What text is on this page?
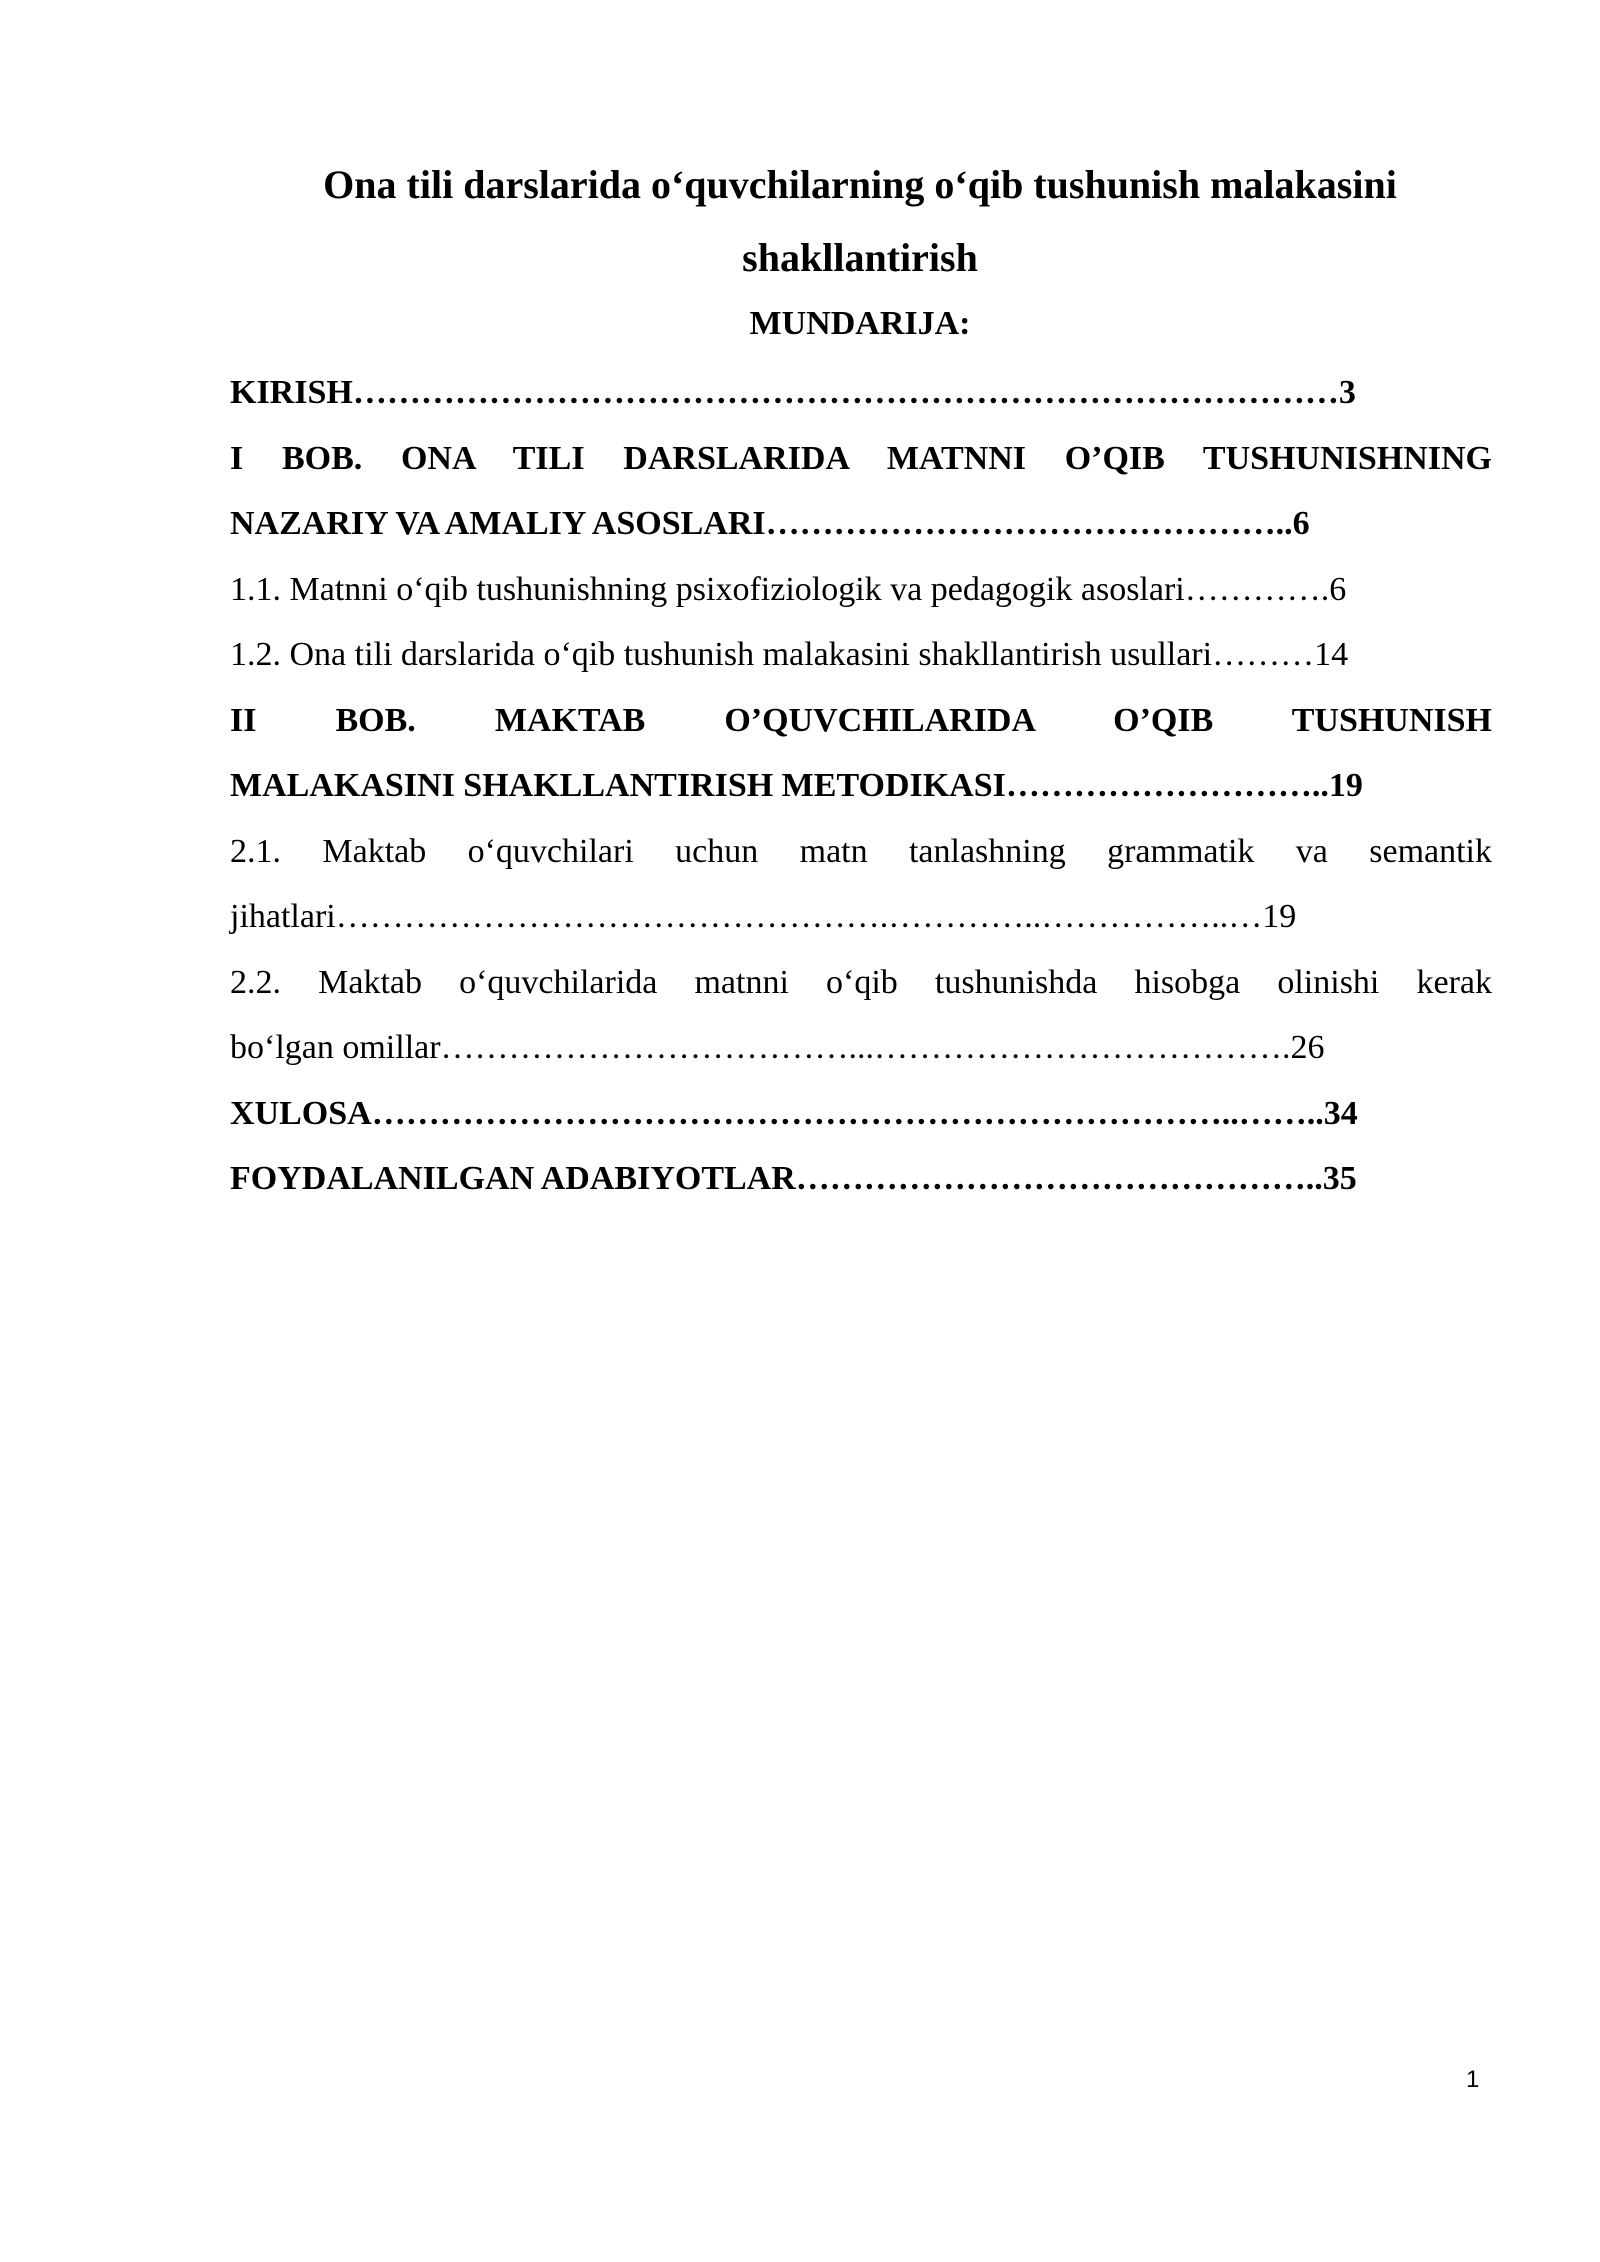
Ona tili darslarida o‘quvchilarning o‘qib tushunish malakasini
shakllantirish
MUNDARIJA:
KIRISH……………………………………………………………………………3
I BOB. ONA TILI DARSLARIDA MATNNI O’QIB TUSHUNISHNING
NAZARIY VA AMALIY ASOSLARI………………………………………..6
1.1. Matnni o‘qib tushunishning psixofiziologik va pedagogik asoslari………….6
1.2. Ona tili darslarida o‘qib tushunish malakasini shakllantirish usullari………14
II BOB. MAKTAB O’QUVCHILARIDA O’QIB TUSHUNISH
MALAKASINI SHAKLLANTIRISH METODIKASI………………………..19
2.1. Maktab o‘quvchilari uchun matn tanlashning grammatik va semantik
jihatlari………………………………………….…………..……………..…19
2.2. Maktab o‘quvchilarida matnni o‘qib tushunishda hisobga olinishi kerak
bo‘lgan omillar………………………………...……………………………….26
XULOSA…………………………………………………………………..……..34
FOYDALANILGAN ADABIYOTLAR………………………………………..35
1
